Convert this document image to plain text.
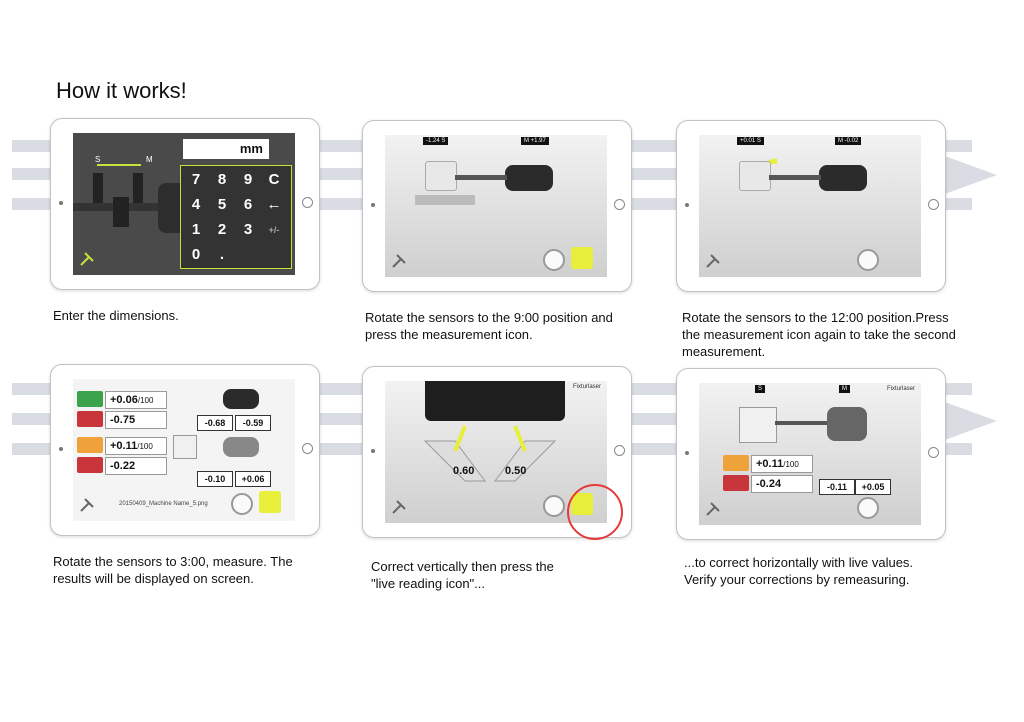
How it works!
S	M
mm
7	8	9	C
4	5	6 ←
1	2	3	+/-
0	.
Enter the dimensions.
-1.24 S	M +1.97
Rotate the sensors to the 9:00 position and
press the measurement icon.
+0.01 S	M -0.02
Rotate the sensors to the 12:00 position.Press
the measurement icon again to take the second
measurement.
+0.06/100
-0.75	-0.68	-0.59
+0.11/100
-0.22
-0.10	+0.06
20150409_Machine Name_5.png
Rotate the sensors to 3:00, measure. The
results will be displayed on screen.
Fixturlaser
0.60	0.50
Correct vertically then press the
"live reading icon"...
Fixturlaser
S	M
+0.11/100
-0.24	-0.11	+0.05
...to correct horizontally with live values.
Verify your corrections by remeasuring.
